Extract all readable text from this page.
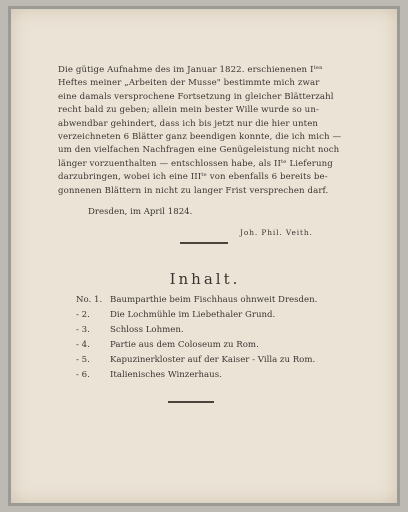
Die gütige Aufnahme des im Januar 1822. erschienenen Iᵗᵉⁿ
Heftes meiner „Arbeiten der Musse" bestimmte mich zwar
eine damals versprochene Fortsetzung in gleicher Blätterzahl
recht bald zu geben; allein mein bester Wille wurde so un-
abwendbar gehindert, dass ich bis jetzt nur die hier unten
verzeichneten 6 Blätter ganz beendigen konnte, die ich mich —
um den vielfachen Nachfragen eine Genügeleistung nicht noch
länger vorzuenthalten — entschlossen habe, als IIᵗᵉ Lieferung
darzubringen, wobei ich eine IIIᵗᵉ von ebenfalls 6 bereits be-
gonnenen Blättern in nicht zu langer Frist versprechen darf.
Dresden, im April 1824.
Joh. Phil. Veith.
No. 1. Baumparthie beim Fischhaus ohnweit Dresden.
- 2.	Die Lochmühle im Liebethaler Grund.
- 3.	Schloss Lohmen.
- 4.	Partie aus dem Coloseum zu Rom.
- 5.	Kapuzinerkloster auf der Kaiser - Villa zu Rom.
- 6.	Italienisches Winzerhaus.
Inhalt.
